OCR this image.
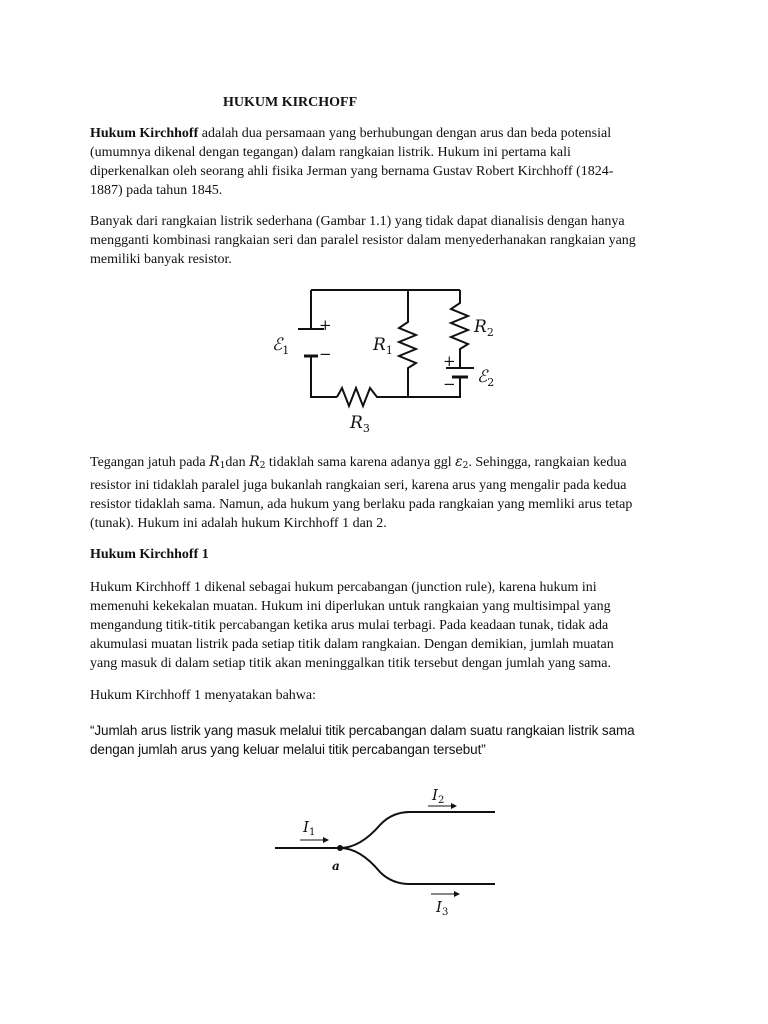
HUKUM KIRCHOFF
Hukum Kirchhoff adalah dua persamaan yang berhubungan dengan arus dan beda potensial
(umumnya dikenal dengan tegangan) dalam rangkaian listrik. Hukum ini pertama kali
diperkenalkan oleh seorang ahli fisika Jerman yang bernama Gustav Robert Kirchhoff (1824-
1887) pada tahun 1845.
Banyak dari rangkaian listrik sederhana (Gambar 1.1) yang tidak dapat dianalisis dengan hanya
mengganti kombinasi rangkaian seri dan paralel resistor dalam menyederhanakan rangkaian yang
memiliki banyak resistor.
Tegangan jatuh pada $R_1dan$ $R_2$ tidaklah sama karena adanya ggl $\varepsilon_2$. Sehingga, rangkaian kedua
resistor ini tidaklah paralel juga bukanlah rangkaian seri, karena arus yang mengalir pada kedua
resistor tidaklah sama. Namun, ada hukum yang berlaku pada rangkaian yang memliki arus tetap
(tunak). Hukum ini adalah hukum Kirchhoff 1 dan 2.
Hukum Kirchhoff 1
Hukum Kirchhoff 1 dikenal sebagai hukum percabangan (junction rule), karena hukum ini
memenuhi kekekalan muatan. Hukum ini diperlukan untuk rangkaian yang multisimpal yang
mengandung titik-titik percabangan ketika arus mulai terbagi. Pada keadaan tunak, tidak ada
akumulasi muatan listrik pada setiap titik dalam rangkaian. Dengan demikian, jumlah muatan
yang masuk di dalam setiap titik akan meninggalkan titik tersebut dengan jumlah yang sama.
Hukum Kirchhoff 1 menyatakan bahwa:
“Jumlah arus listrik yang masuk melalui titik percabangan dalam suatu rangkaian listrik sama
dengan jumlah arus yang keluar melalui titik percabangan tersebut”
ℰ$_1$
+
− $R_1$
$R_2$
+
− ℰ$_2$
$R_3$
$I_1$
$I_2$
$I_3$
a
